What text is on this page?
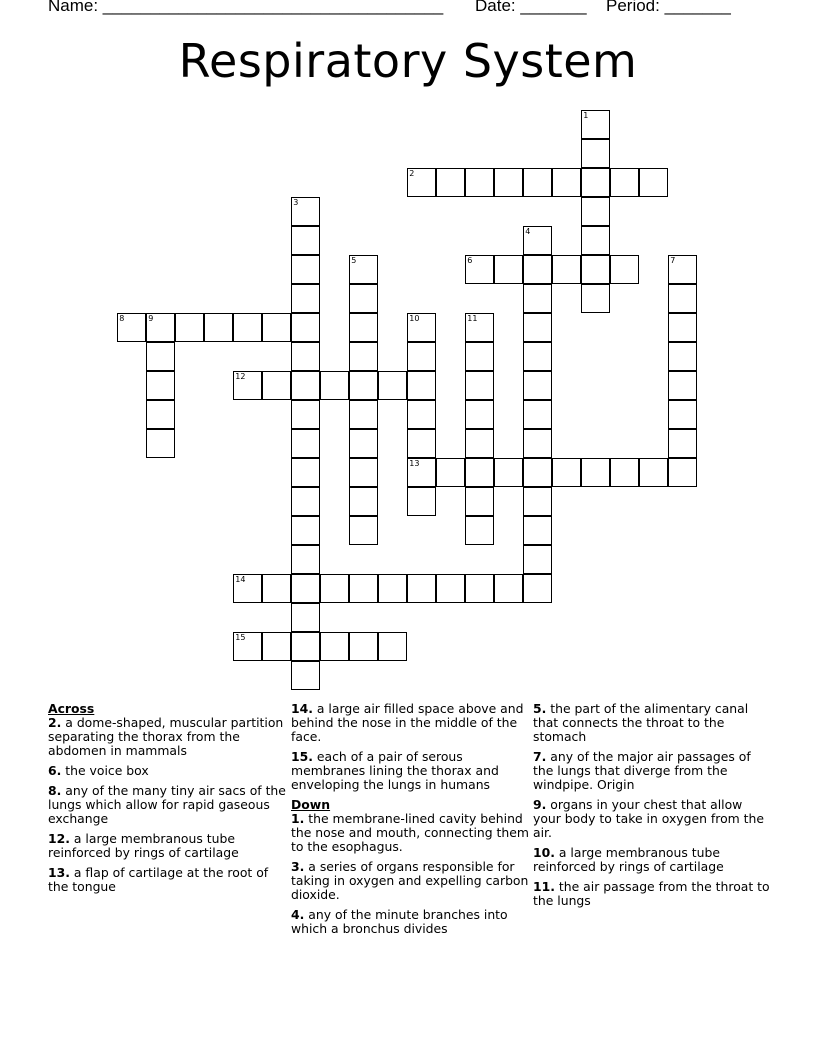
Name: ____________________________________ Date: _______ Period: _______
Respiratory System
1
2
3
4
5	6	7
8	9	10
13
11
12
14
15
Across
2. a dome-shaped, muscular partition separating the thorax from the abdomen in mammals
6. the voice box
8. any of the many tiny air sacs of the lungs which allow for rapid gaseous exchange
12. a large membranous tube reinforced by rings of cartilage
13. a flap of cartilage at the root of the tongue
14. a large air filled space above and behind the nose in the middle of the face.
15. each of a pair of serous membranes lining the thorax and enveloping the lungs in humans
Down
1. the membrane-lined cavity behind the nose and mouth, connecting them to the esophagus.
3. a series of organs responsible for taking in oxygen and expelling carbon dioxide.
4. any of the minute branches into which a bronchus divides
5. the part of the alimentary canal that connects the throat to the stomach
7. any of the major air passages of the lungs that diverge from the windpipe. Origin
9. organs in your chest that allow your body to take in oxygen from the air.
10. a large membranous tube reinforced by rings of cartilage
11. the air passage from the throat to the lungs
